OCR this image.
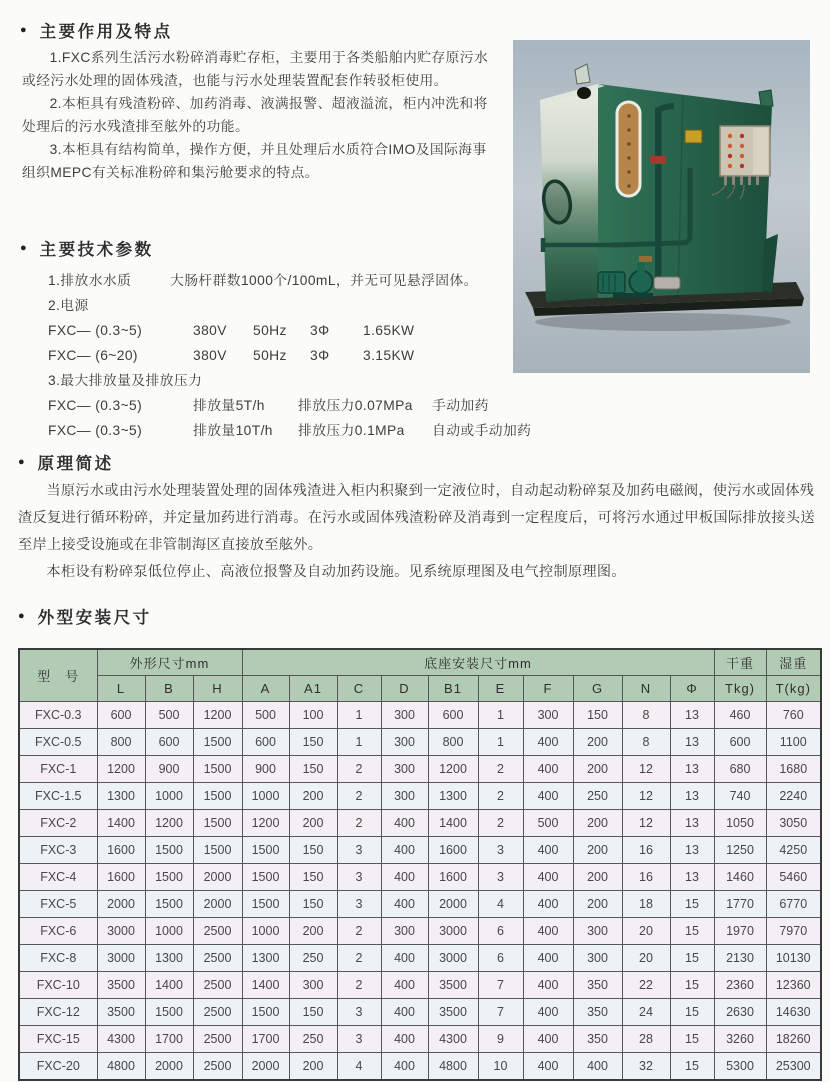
● 主要作用及特点

1.FXC系列生活污水粉碎消毒贮存柜，主要用于各类船舶内贮存原污水或经污水处理的固体残渣，也能与污水处理装置配套作转驳柜使用。

2.本柜具有残渣粉碎、加药消毒、液满报警、超液溢流，柜内冲洗和将处理后的污水残渣排至舷外的功能。

3.本柜具有结构简单，操作方便，并且处理后水质符合IMO及国际海事组织MEPC有关标准粉碎和集污舱要求的特点。

● 主要技术参数
1.排放水水质	大肠杆群数1000个/100mL，并无可见悬浮固体。
2.电源
FXC— (0.3~5)	380V	50Hz	3Φ	1.65KW
FXC— (6~20)	380V	50Hz	3Φ	3.15KW
3.最大排放量及排放压力
FXC— (0.3~5)	排放量5T/h	排放压力0.07MPa	手动加药
FXC— (0.3~5)	排放量10T/h	排放压力0.1MPa	自动或手动加药
● 原理简述

当原污水或由污水处理装置处理的固体残渣进入柜内积聚到一定液位时，自动起动粉碎泵及加药电磁阀，使污水或固体残渣反复进行循环粉碎，并定量加药进行消毒。在污水或固体残渣粉碎及消毒到一定程度后，可将污水通过甲板国际排放接头送至岸上接受设施或在非管制海区直接放至舷外。

本柜设有粉碎泵低位停止、高液位报警及自动加药设施。见系统原理图及电气控制原理图。

● 外型安装尺寸
型　号	外形尺寸mm			底座安装尺寸mm										干重	湿重
	L	B	H	A	A1	C	D	B1	E	F	G	N	Φ	Tkg)	T(kg)
FXC-0.3	600	500	1200	500	100	1	300	600	1	300	150	8	13	460	760
FXC-0.5	800	600	1500	600	150	1	300	800	1	400	200	8	13	600	1100
FXC-1	1200	900	1500	900	150	2	300	1200	2	400	200	12	13	680	1680
FXC-1.5	1300	1000	1500	1000	200	2	300	1300	2	400	250	12	13	740	2240
FXC-2	1400	1200	1500	1200	200	2	400	1400	2	500	200	12	13	1050	3050
FXC-3	1600	1500	1500	1500	150	3	400	1600	3	400	200	16	13	1250	4250
FXC-4	1600	1500	2000	1500	150	3	400	1600	3	400	200	16	13	1460	5460
FXC-5	2000	1500	2000	1500	150	3	400	2000	4	400	200	18	15	1770	6770
FXC-6	3000	1000	2500	1000	200	2	300	3000	6	400	300	20	15	1970	7970
FXC-8	3000	1300	2500	1300	250	2	400	3000	6	400	300	20	15	2130	10130
FXC-10	3500	1400	2500	1400	300	2	400	3500	7	400	350	22	15	2360	12360
FXC-12	3500	1500	2500	1500	150	3	400	3500	7	400	350	24	15	2630	14630
FXC-15	4300	1700	2500	1700	250	3	400	4300	9	400	350	28	15	3260	18260
FXC-20	4800	2000	2500	2000	200	4	400	4800	10	400	400	32	15	5300	25300
